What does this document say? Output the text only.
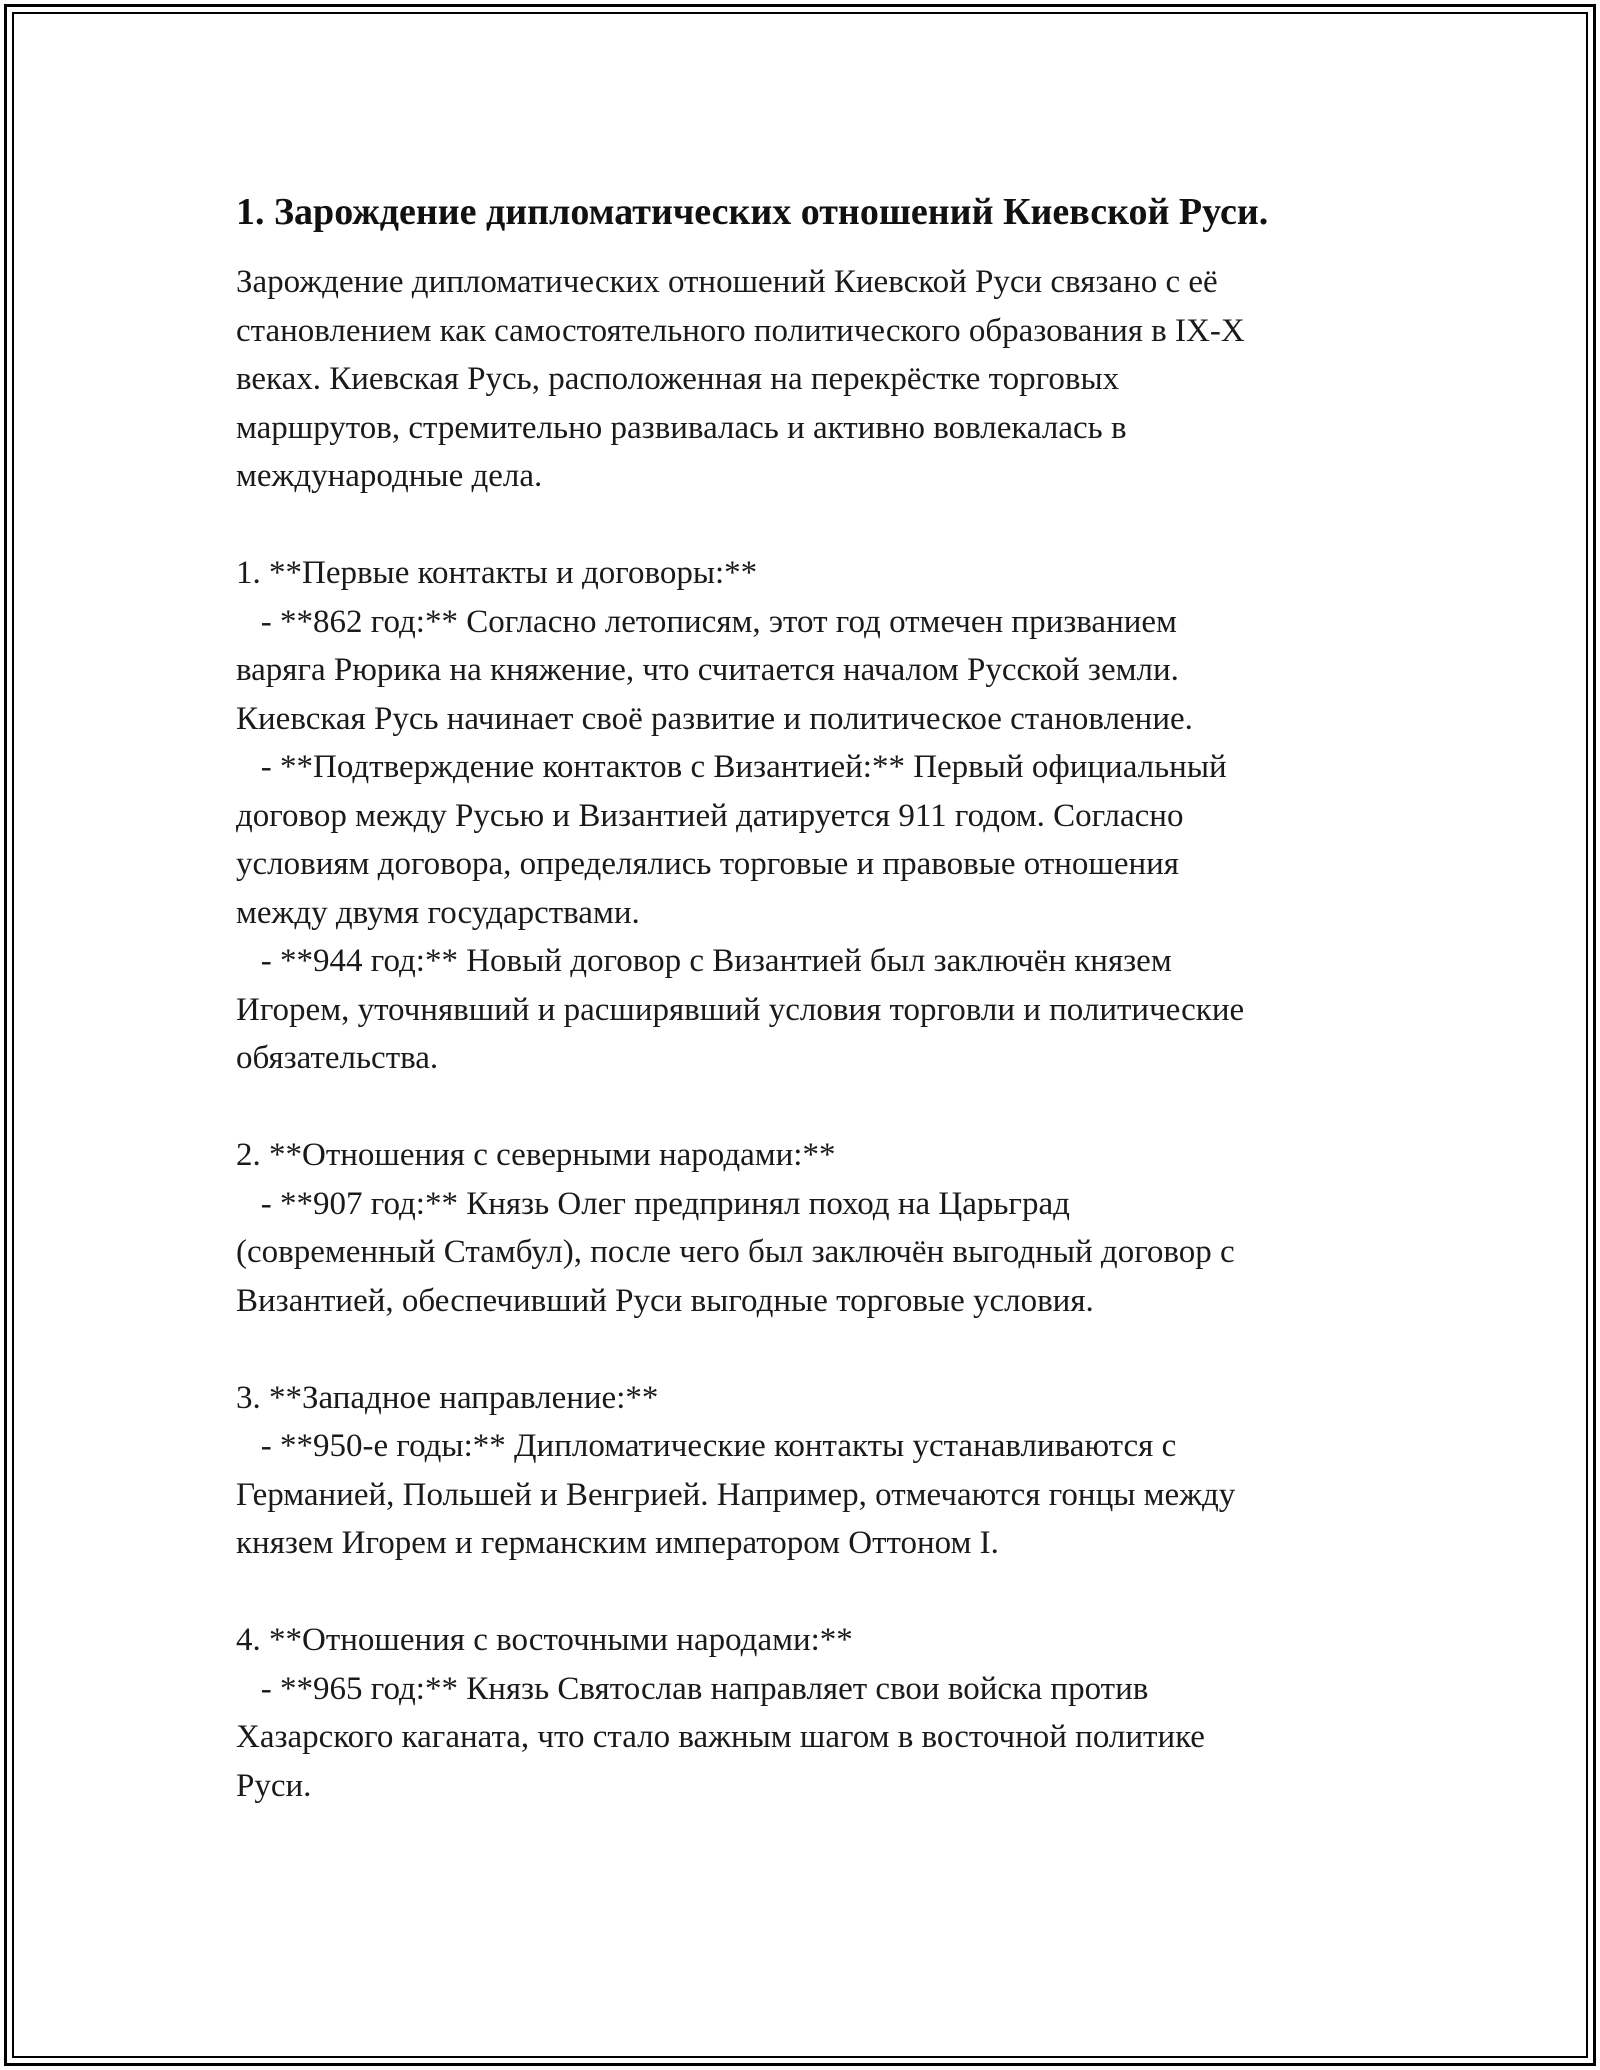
1. Зарождение дипломатических отношений Киевской Руси.

Зарождение дипломатических отношений Киевской Руси связано с её
становлением как самостоятельного политического образования в IX-X
веках. Киевская Русь, расположенная на перекрёстке торговых
маршрутов, стремительно развивалась и активно вовлекалась в
международные дела.

1. **Первые контакты и договоры:**
- **862 год:** Согласно летописям, этот год отмечен призванием
варяга Рюрика на княжение, что считается началом Русской земли.
Киевская Русь начинает своё развитие и политическое становление.
- **Подтверждение контактов с Византией:** Первый официальный
договор между Русью и Византией датируется 911 годом. Согласно
условиям договора, определялись торговые и правовые отношения
между двумя государствами.
- **944 год:** Новый договор с Византией был заключён князем
Игорем, уточнявший и расширявший условия торговли и политические
обязательства.

2. **Отношения с северными народами:**
- **907 год:** Князь Олег предпринял поход на Царьград
(современный Стамбул), после чего был заключён выгодный договор с
Византией, обеспечивший Руси выгодные торговые условия.

3. **Западное направление:**
- **950-е годы:** Дипломатические контакты устанавливаются с
Германией, Польшей и Венгрией. Например, отмечаются гонцы между
князем Игорем и германским императором Оттоном I.

4. **Отношения с восточными народами:**
- **965 год:** Князь Святослав направляет свои войска против
Хазарского каганата, что стало важным шагом в восточной политике
Руси.
